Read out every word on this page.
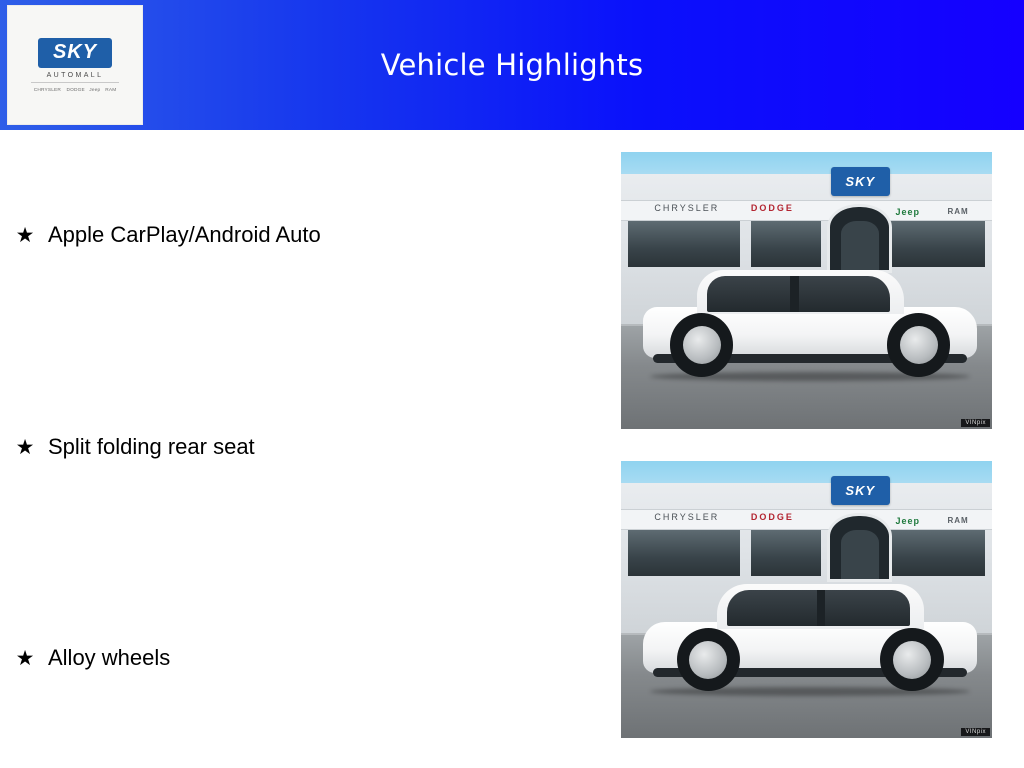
Vehicle Highlights
SKY
AUTOMALL
CHRYSLER DODGE Jeep RAM
★ Apple CarPlay/Android Auto
★ Split folding rear seat
★ Alloy wheels
CHRYSLER	DODGE	Jeep	RAM
SKY
VINpix
CHRYSLER	DODGE	Jeep	RAM
SKY
VINpix
